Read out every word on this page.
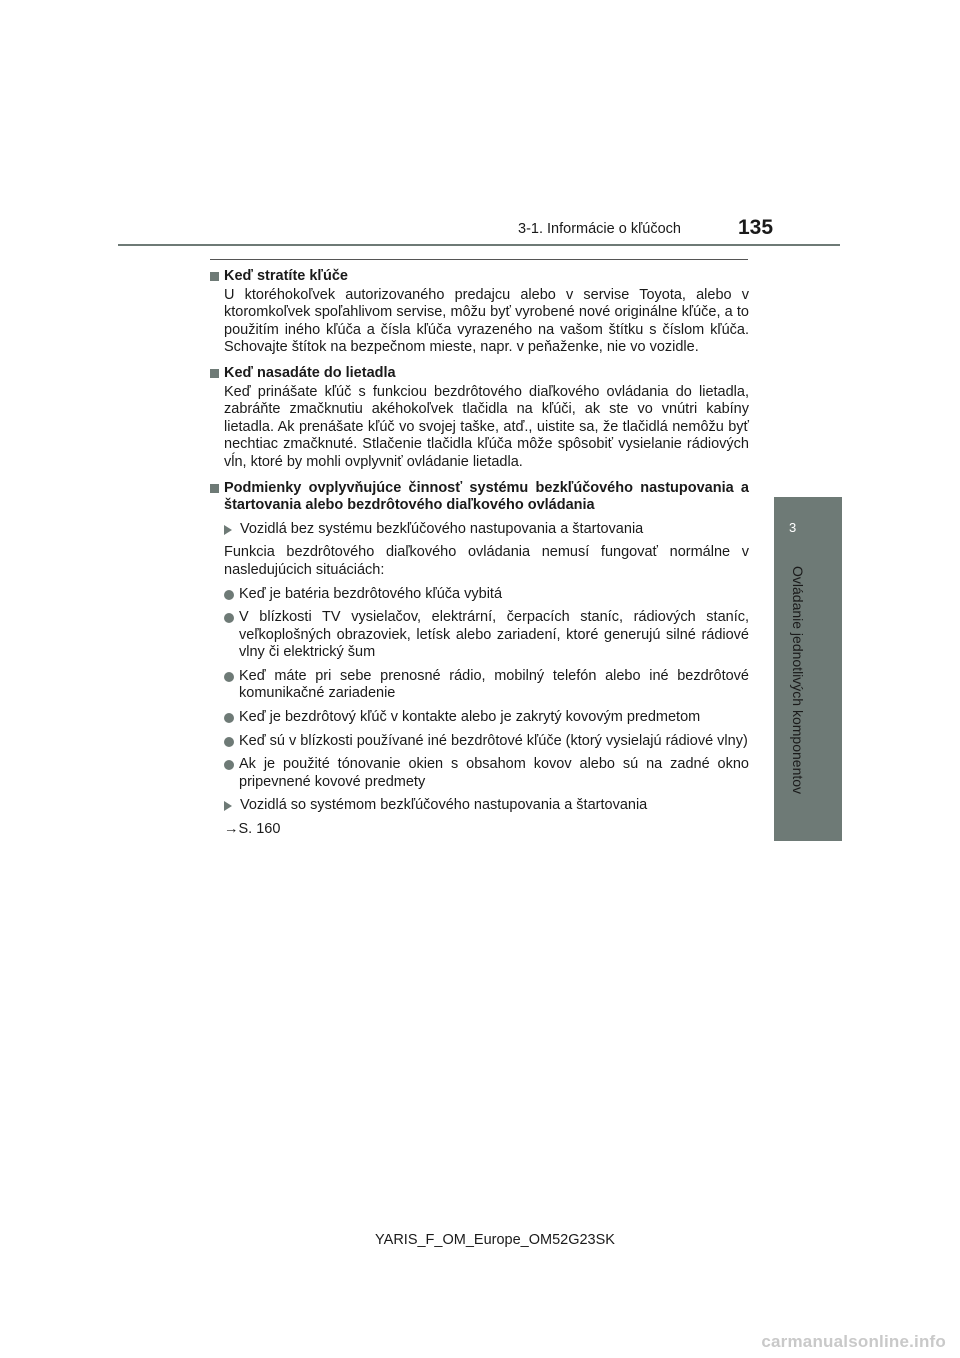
3-1. Informácie o kľúčoch	135
3
Ovládanie jednotlivých komponentov
Keď stratíte kľúče
U ktoréhokoľvek autorizovaného predajcu alebo v servise Toyota, alebo v ktoromkoľvek spoľahlivom servise, môžu byť vyrobené nové originálne kľúče, a to použitím iného kľúča a čísla kľúča vyrazeného na vašom štítku s číslom kľúča. Schovajte štítok na bezpečnom mieste, napr. v peňaženke, nie vo vozidle.
Keď nasadáte do lietadla
Keď prinášate kľúč s funkciou bezdrôtového diaľkového ovládania do lietadla, zabráňte zmačknutiu akéhokoľvek tlačidla na kľúči, ak ste vo vnútri kabíny lietadla. Ak prenášate kľúč vo svojej taške, atď., uistite sa, že tlačidlá nemôžu byť nechtiac zmačknuté. Stlačenie tlačidla kľúča môže spôsobiť vysielanie rádiových vĺn, ktoré by mohli ovplyvniť ovládanie lietadla.
Podmienky ovplyvňujúce činnosť systému bezkľúčového nastupovania a štartovania alebo bezdrôtového diaľkového ovládania
Vozidlá bez systému bezkľúčového nastupovania a štartovania
Funkcia bezdrôtového diaľkového ovládania nemusí fungovať normálne v nasledujúcich situáciách:
Keď je batéria bezdrôtového kľúča vybitá
V blízkosti TV vysielačov, elektrární, čerpacích staníc, rádiových staníc, veľkoplošných obrazoviek, letísk alebo zariadení, ktoré generujú silné rádiové vlny či elektrický šum
Keď máte pri sebe prenosné rádio, mobilný telefón alebo iné bezdrôtové komunikačné zariadenie
Keď je bezdrôtový kľúč v kontakte alebo je zakrytý kovovým predmetom
Keď sú v blízkosti používané iné bezdrôtové kľúče (ktorý vysielajú rádiové vlny)
Ak je použité tónovanie okien s obsahom kovov alebo sú na zadné okno pripevnené kovové predmety
Vozidlá so systémom bezkľúčového nastupovania a štartovania
→S. 160
YARIS_F_OM_Europe_OM52G23SK
carmanualsonline.info
